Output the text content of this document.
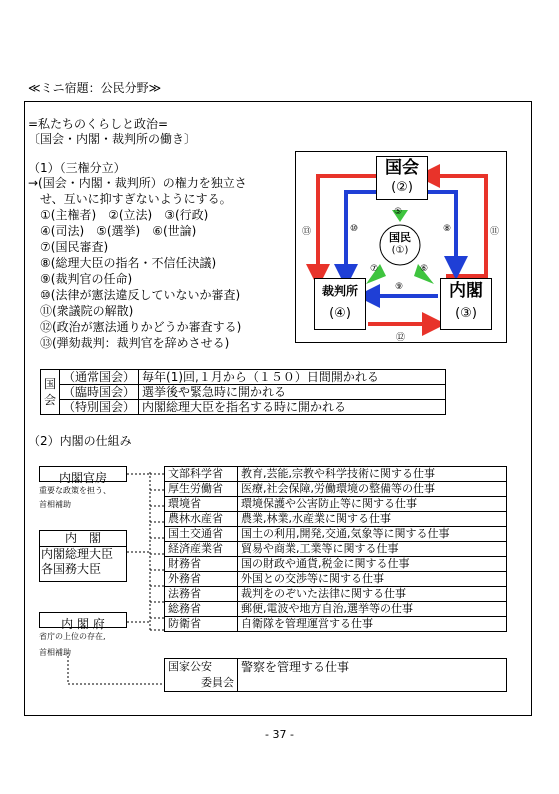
≪ミニ宿題：公民分野≫
=私たちのくらしと政治=
〔国会・内閣・裁判所の働き〕
（1）（三権分立）
→(国会・内閣・裁判所）の権力を独立さ
　せ、互いに抑すぎないようにする。
　①(主権者)　②(立法)　③(行政)
　④(司法)　⑤(選挙)　⑥(世論)
　⑦(国民審査)
　⑧(総理大臣の指名・不信任決議)
　⑨(裁判官の任命)
　⑩(法律が憲法違反していないか審査)
　⑪(衆議院の解散)
　⑫(政治が憲法通りかどうか審査する)
　⑬(弾劾裁判：裁判官を辞めさせる)
国会
(②)
内閣
(③)
裁判所
(④)
国民
(①)
⑤
⑥
⑦
⑧
⑨
⑩	⑪
⑫
⑬
国会	（通常国会）	毎年(1)回,１月から（１５０）日間開かれる
	（臨時国会）	選挙後や緊急時に開かれる
	（特別国会）	内閣総理大臣を指名する時に開かれる
（2）内閣の仕組み
内閣官房
重要な政策を担う、
首相補助
内　閣
内閣総理大臣
各国務大臣
内 閣 府
省庁の上位の存在,
首相補助
文部科学省	教育,芸能,宗教や科学技術に関する仕事
厚生労働省	医療,社会保障,労働環境の整備等の仕事
環境省	環境保護や公害防止等に関する仕事
農林水産省	農業,林業,水産業に関する仕事
国土交通省	国土の利用,開発,交通,気象等に関する仕事
経済産業省	貿易や商業,工業等に関する仕事
財務省	国の財政や通貨,税金に関する仕事
外務省	外国との交渉等に関する仕事
法務省	裁判をのぞいた法律に関する仕事
総務省	郵便,電波や地方自治,選挙等の仕事
防衛省	自衛隊を管理運営する仕事
国家公安
委員会
	警察を管理する仕事
- 37 -
